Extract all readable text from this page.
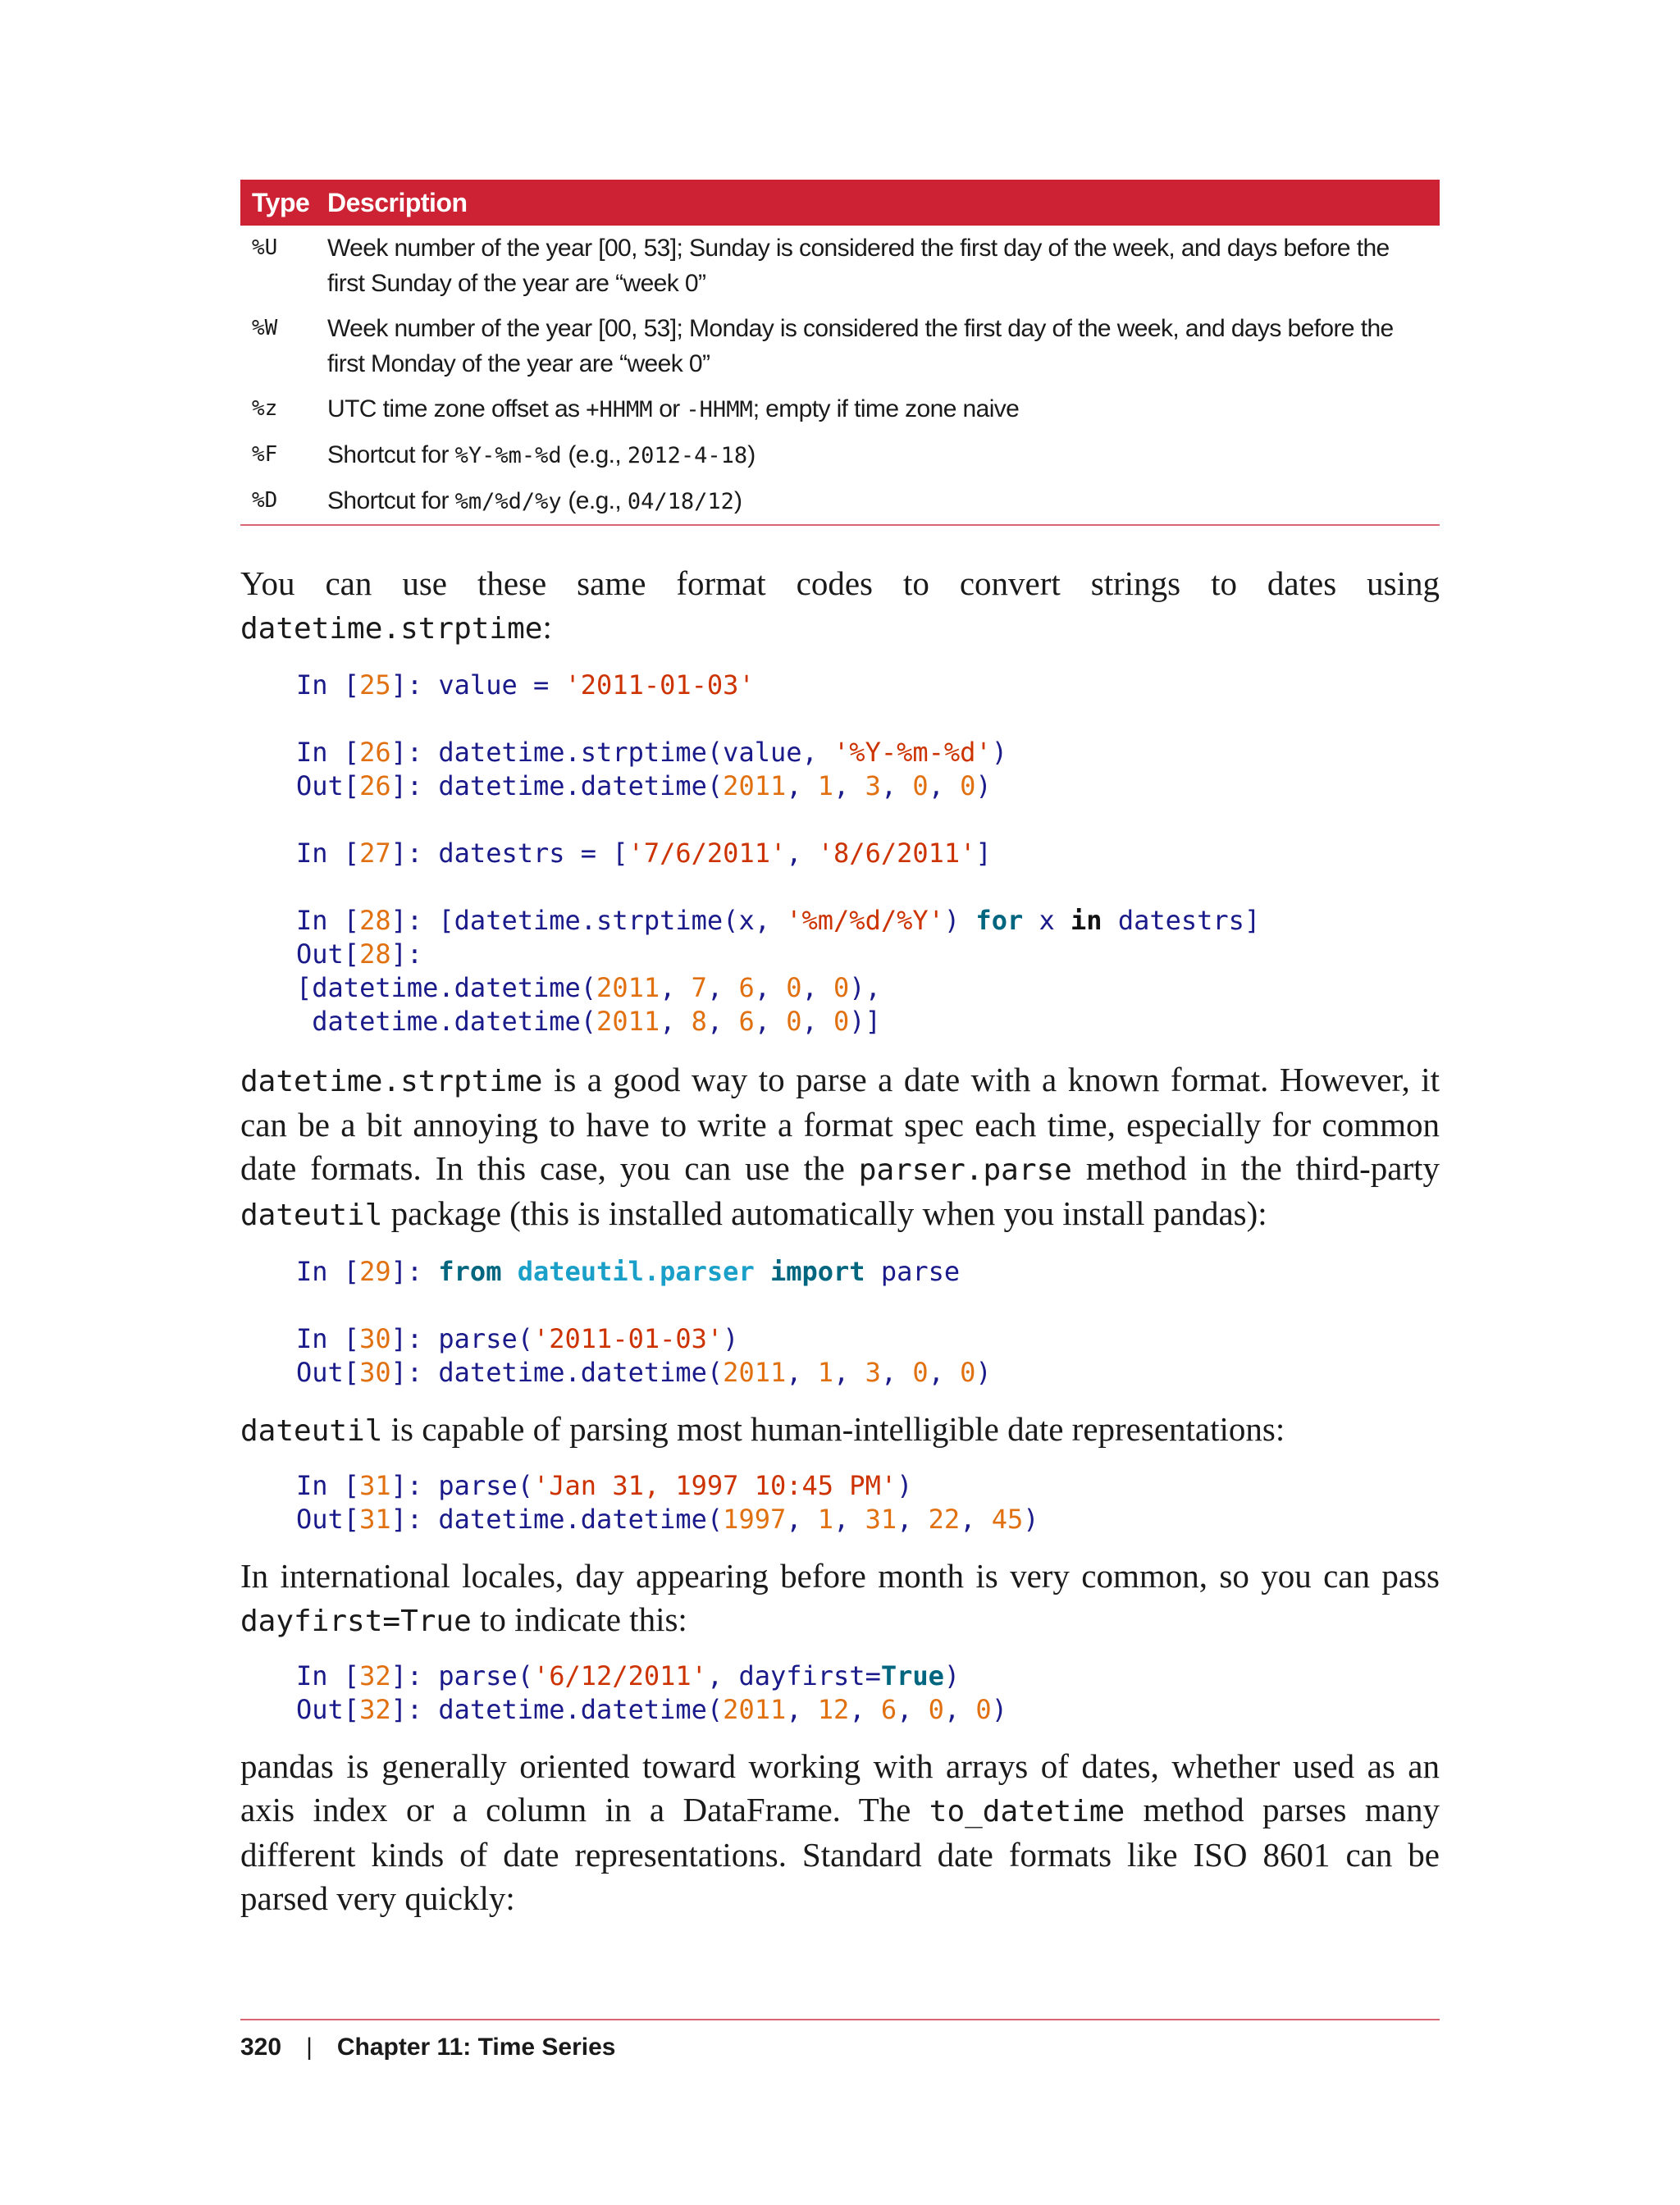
Type	Description
%U	Week number of the year [00, 53]; Sunday is considered the first day of the week, and days before the first Sunday of the year are “week 0”
%W	Week number of the year [00, 53]; Monday is considered the first day of the week, and days before the first Monday of the year are “week 0”
%z	UTC time zone offset as +HHMM or -HHMM; empty if time zone naive
%F	Shortcut for %Y-%m-%d (e.g., 2012-4-18)
%D	Shortcut for %m/%d/%y (e.g., 04/18/12)

You can use these same format codes to convert strings to dates using datetime.strptime:

In [25]: value = '2011-01-03'

In [26]: datetime.strptime(value, '%Y-%m-%d')
Out[26]: datetime.datetime(2011, 1, 3, 0, 0)

In [27]: datestrs = ['7/6/2011', '8/6/2011']

In [28]: [datetime.strptime(x, '%m/%d/%Y') for x in datestrs]
Out[28]:
[datetime.datetime(2011, 7, 6, 0, 0),
datetime.datetime(2011, 8, 6, 0, 0)]

datetime.strptime is a good way to parse a date with a known format. However, it can be a bit annoying to have to write a format spec each time, especially for common date formats. In this case, you can use the parser.parse method in the third-party dateutil package (this is installed automatically when you install pandas):

In [29]: from dateutil.parser import parse

In [30]: parse('2011-01-03')
Out[30]: datetime.datetime(2011, 1, 3, 0, 0)

dateutil is capable of parsing most human-intelligible date representations:

In [31]: parse('Jan 31, 1997 10:45 PM')
Out[31]: datetime.datetime(1997, 1, 31, 22, 45)

In international locales, day appearing before month is very common, so you can pass dayfirst=True to indicate this:

In [32]: parse('6/12/2011', dayfirst=True)
Out[32]: datetime.datetime(2011, 12, 6, 0, 0)

pandas is generally oriented toward working with arrays of dates, whether used as an axis index or a column in a DataFrame. The to_datetime method parses many different kinds of date representations. Standard date formats like ISO 8601 can be parsed very quickly:

320 | Chapter 11: Time Series
